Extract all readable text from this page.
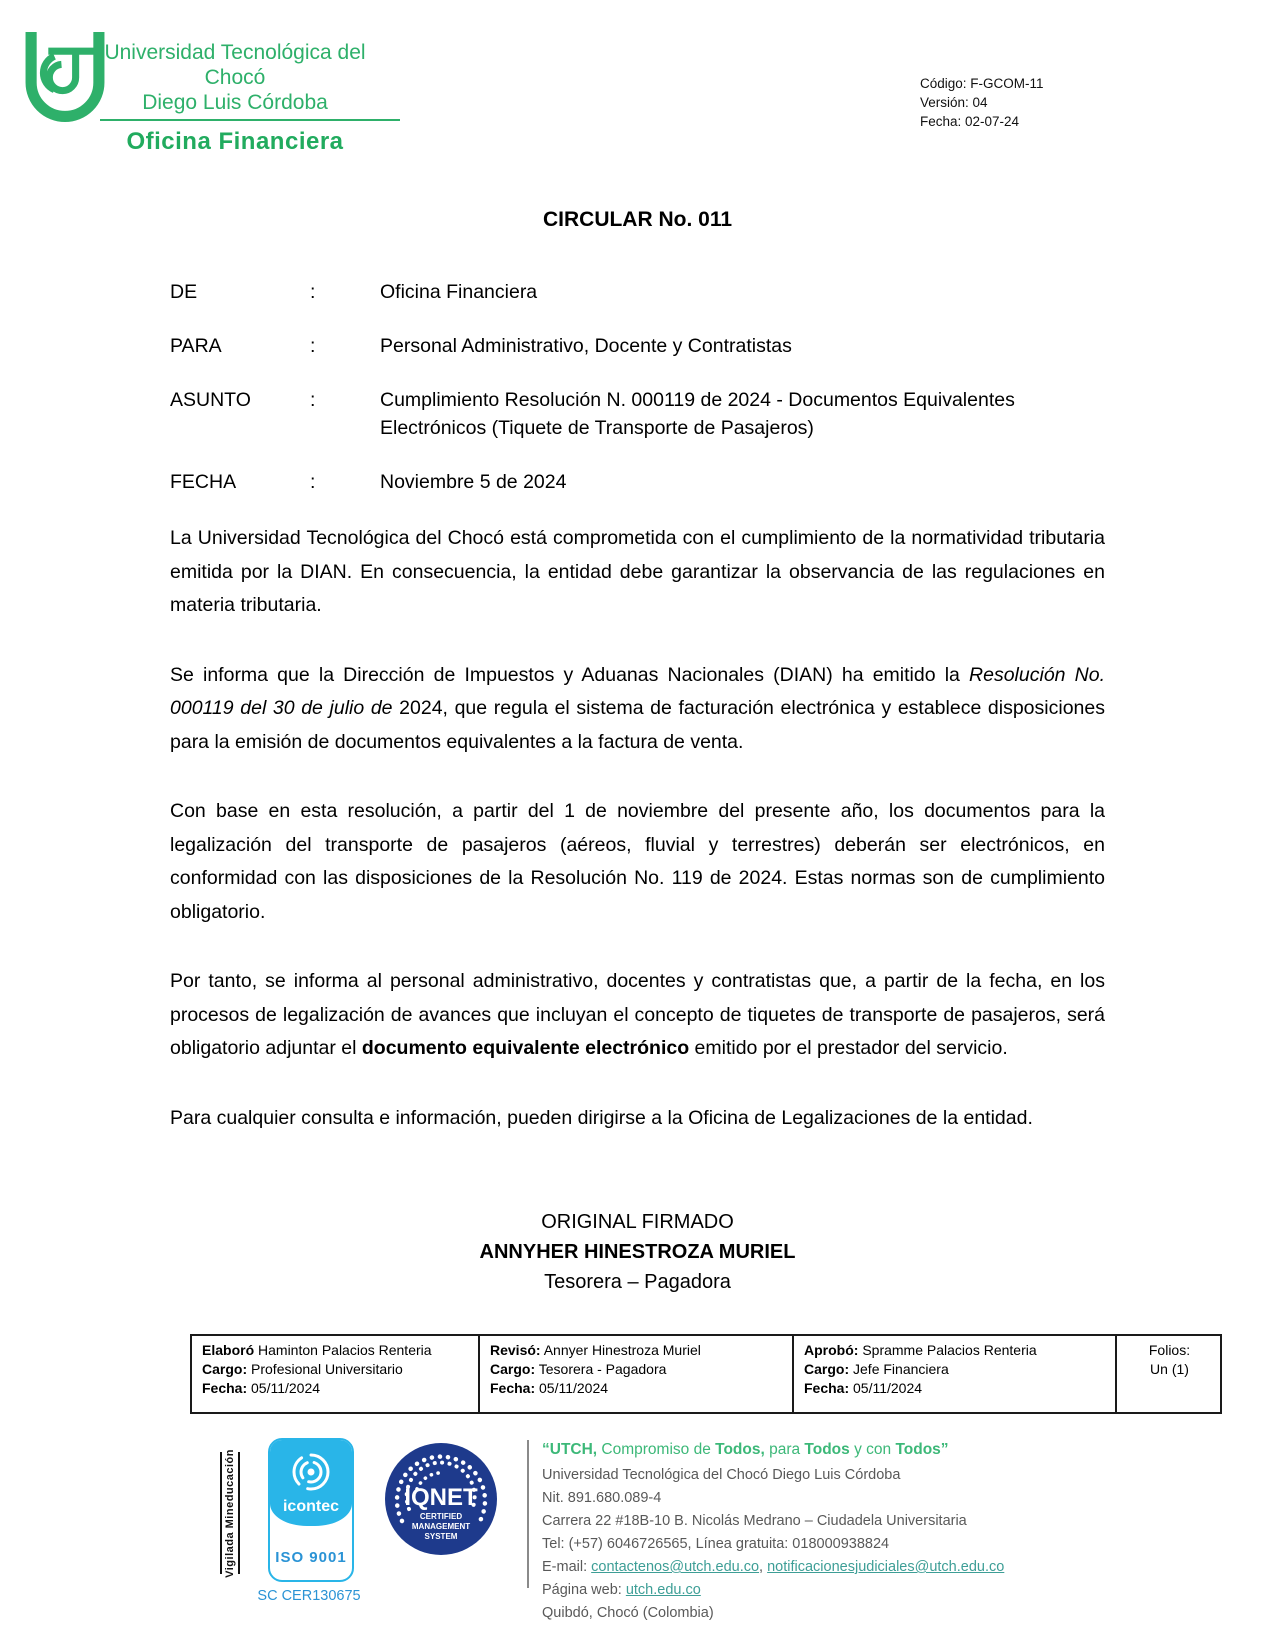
Universidad Tecnológica del Chocó
Diego Luis Córdoba
Oficina Financiera
Código: F-GCOM-11
Versión: 04
Fecha: 02-07-24
CIRCULAR No. 011
DE	:	Oficina Financiera
PARA	:	Personal Administrativo, Docente y Contratistas
ASUNTO	:	Cumplimiento Resolución N. 000119 de 2024 - Documentos Equivalentes Electrónicos (Tiquete de Transporte de Pasajeros)
FECHA	:	Noviembre 5 de 2024

La Universidad Tecnológica del Chocó está comprometida con el cumplimiento de la normatividad tributaria emitida por la DIAN. En consecuencia, la entidad debe garantizar la observancia de las regulaciones en materia tributaria.

Se informa que la Dirección de Impuestos y Aduanas Nacionales (DIAN) ha emitido la Resolución No. 000119 del 30 de julio de 2024, que regula el sistema de facturación electrónica y establece disposiciones para la emisión de documentos equivalentes a la factura de venta.

Con base en esta resolución, a partir del 1 de noviembre del presente año, los documentos para la legalización del transporte de pasajeros (aéreos, fluvial y terrestres) deberán ser electrónicos, en conformidad con las disposiciones de la Resolución No. 119 de 2024. Estas normas son de cumplimiento obligatorio.

Por tanto, se informa al personal administrativo, docentes y contratistas que, a partir de la fecha, en los procesos de legalización de avances que incluyan el concepto de tiquetes de transporte de pasajeros, será obligatorio adjuntar el documento equivalente electrónico emitido por el prestador del servicio.

Para cualquier consulta e información, pueden dirigirse a la Oficina de Legalizaciones de la entidad.

ORIGINAL FIRMADO
ANNYHER HINESTROZA MURIEL
Tesorera – Pagadora
Elaboró Haminton Palacios Renteria
Cargo: Profesional Universitario
Fecha: 05/11/2024

Revisó: Annyer Hinestroza Muriel
Cargo: Tesorera - Pagadora
Fecha: 05/11/2024

Aprobó: Spramme Palacios Renteria
Cargo: Jefe Financiera
Fecha: 05/11/2024

Folios:
Un (1)
Vigilada Mineducación	icontec
ISO 9001
SC CER130675
IQNET
CERTIFIED
MANAGEMENT
SYSTEM
“UTCH, Compromiso de Todos, para Todos y con Todos”
Universidad Tecnológica del Chocó Diego Luis Córdoba
Nit. 891.680.089-4
Carrera 22 #18B-10 B. Nicolás Medrano – Ciudadela Universitaria
Tel: (+57) 6046726565, Línea gratuita: 018000938824
E-mail: contactenos@utch.edu.co, notificacionesjudiciales@utch.edu.co
Página web: utch.edu.co
Quibdó, Chocó (Colombia)
